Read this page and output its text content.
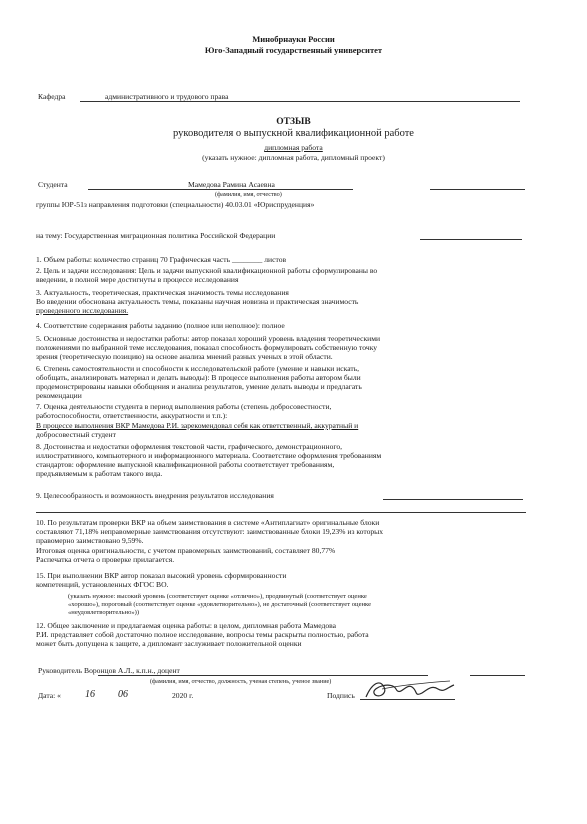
Минобрнауки России
Юго-Западный государственный университет
Кафедра	административного и трудового права
ОТЗЫВ
руководителя о выпускной квалификационной работе
дипломная работа
(указать нужное: дипломная работа, дипломный проект)
Студента	Мамедова Рамина Асаевна
(фамилия, имя, отчество)
группы ЮР-51з направления подготовки (специальности) 40.03.01 «Юриспруденция»
на тему: Государственная миграционная политика Российской Федерации
1. Объем работы: количество страниц 70 Графическая часть ________ листов
2. Цель и задачи исследования: Цель и задачи выпускной квалификационной работы сформулированы во
введении, в полной мере достигнуты в процессе исследования
3. Актуальность, теоретическая, практическая значимость темы исследования
Во введении обоснована актуальность темы, показаны научная новизна и практическая значимость
проведенного исследования.
4. Соответствие содержания работы заданию (полное или неполное): полное
5. Основные достоинства и недостатки работы: автор показал хороший уровень владения теоретическими
положениями по выбранной теме исследования, показал способность формулировать собственную точку
зрения (теоретическую позицию) на основе анализа мнений разных ученых в этой области.
6. Степень самостоятельности и способности к исследовательской работе (умение и навыки искать,
обобщать, анализировать материал и делать выводы): В процессе выполнения работы автором были
продемонстрированы навыки обобщения и анализа результатов, умение делать выводы и предлагать
рекомендации
7. Оценка деятельности студента в период выполнения работы (степень добросовестности,
работоспособности, ответственности, аккуратности и т.п.):
В процессе выполнения ВКР Мамедова Р.И. зарекомендовал себя как ответственный, аккуратный и
добросовестный студент
8. Достоинства и недостатки оформления текстовой части, графического, демонстрационного,
иллюстративного, компьютерного и информационного материала. Соответствие оформления требованиям
стандартов: оформление выпускной квалификационной работы соответствует требованиям,
предъявляемым к работам такого вида.
9. Целесообразность и возможность внедрения результатов исследования
10. По результатам проверки ВКР на объем заимствования в системе «Антиплагиат» оригинальные блоки
составляют 71,18% неправомерные заимствования отсутствуют: заимствованные блоки 19,23% из которых
правомерно заимствовано 9,59%.
Итоговая оценка оригинальности, с учетом правомерных заимствований, составляет 80,77%
Распечатка отчета о проверке прилагается.
15. При выполнении ВКР автор показал высокий уровень сформированности
компетенций, установленных ФГОС ВО.
(указать нужное: высокий уровень (соответствует оценке «отлично»), продвинутый (соответствует оценке
«хорошо»), пороговый (соответствует оценке «удовлетворительно»), не достаточный (соответствует оценке
«неудовлетворительно»))
12. Общее заключение и предлагаемая оценка работы: в целом, дипломная работа Мамедова
Р.И. представляет собой достаточно полное исследование, вопросы темы раскрыты полностью, работа
может быть допущена к защите, а дипломант заслуживает положительной оценки
Руководитель Воронцов А.Л., к.п.н., доцент
(фамилия, имя, отчество, должность, ученая степень, ученое звание)
Дата: «	16	06	2020 г.	Подпись
